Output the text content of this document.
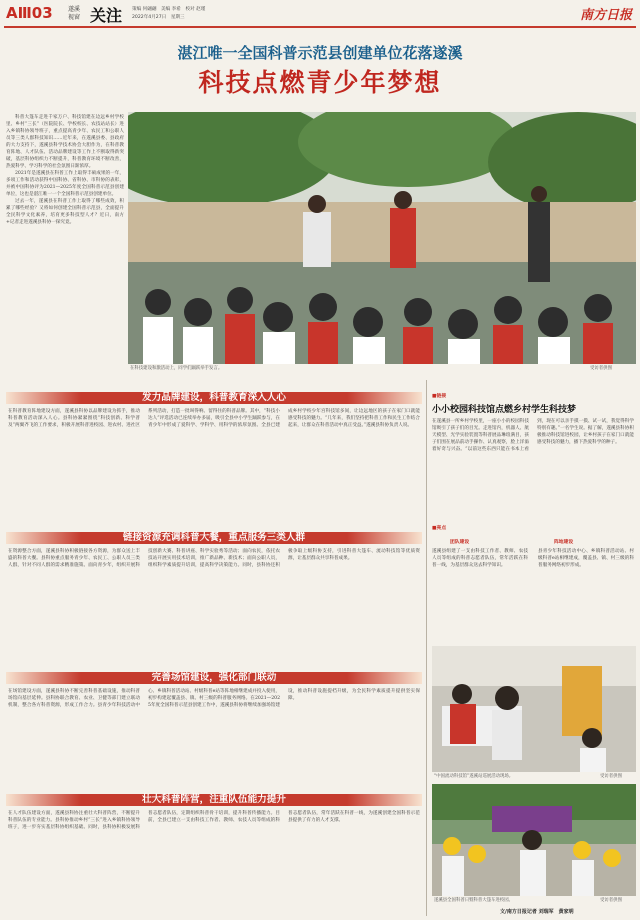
AⅢ03	遂溪
视窗 关注 策编 何翩翩　美编 李希　校对 赵瑾
2022年4月27日　星期三	南方日报
湛江唯一全国科普示范县创建单位花落遂溪
科技点燃青少年梦想

科普大篷车走进千家万户、科技馆建在边远乡村学校里、乡村“三长”（医院院长、学校校长、农技站站长）进入乡镇科协领导班子，重点提高青少年、农民工和公职人员等三类人群科技知识……近年来，在遂溪县委、县政府的大力支持下，遂溪县科学技术协会大胆作为，在科普教育阵地、人才队伍、活动品牌建设等工作上不断取得新突破，基层科协组织力不断提升，科普教育环境不断改善，热爱科学、学习科学的社会氛围日渐浓厚。

2021年是遂溪县在科普工作上取得丰硕成果的一年，多项工作和活动获得中国科协、省科协、市科协的表彰，并被中国科协评为2021—2025年度全国科普示范县创建单位，这也是湛江唯一一个全国科普示范县创建单位。

过去一年，遂溪县在科普工作上取得了哪些成效，积累了哪些经验？又将如何创建全国科普示范县，全面提升全民科学文化素养，培育更多科技型人才？近日，南方+记者走进遂溪县科协一探究竟。

在科技建设和激活动上，同学们踊跃举手发言。	受访者供图
发力品牌建设，科普教育深入人心
在科普教育阵地建设方面，遂溪县科协以品牌建设为抓手，推动科普教育活动深入人心。县科协紧紧围绕“科技创新、科学普及”两翼齐飞的工作要求，积极开展科普进校园、进农村、进社区系列活动，打造一批叫得响、留得住的科普品牌。其中，“科技小达人”评选活动已连续举办多届，吸引全县中小学生踊跃参与，在青少年中形成了爱科学、学科学、用科学的浓厚氛围。全县已建成乡村学校少年宫科技馆多间，让边远地区的孩子在家门口就能感受科技的魅力。“几年来，我们坚持把科普工作和民生工作结合起来，让群众在科普活动中真正受益。”遂溪县科协负责人说。
链接资源充调科普大餐，重点服务三类人群
在资源整合方面，遂溪县科协积极链接各方资源，为群众送上丰盛的科普大餐。县科协重点服务青少年、农民工、公职人员三类人群，针对不同人群的需求精准施策。面向青少年，组织开展科技创新大赛、科普讲座、科学实验秀等活动；面向农民，依托农技站开展实用技术培训，推广新品种、新技术；面向公职人员，组织科学素质提升培训，提高科学决策能力。同时，县科协还积极争取上级科协支持，引进科普大篷车、流动科技馆等优质资源，让基层群众共享科普成果。
完善场馆建设，强化部门联动
在场馆建设方面，遂溪县科协不断完善科普基础设施，推动科普场馆向基层延伸。县科协联合教育、农业、卫健等部门建立联动机制，整合各方科普资源，形成工作合力。县青少年科技活动中心、乡镇科普活动站、村级科普e站等阵地相继建成并投入使用，初步构建起覆盖县、镇、村三级的科普服务网络。在2021—2025年度全国科普示范县创建工作中，遂溪县科协将继续加强场馆建设，推动科普设施提档升级，为全民科学素质提升提供坚实保障。
壮大科普阵营，注重队伍能力提升
在人才队伍建设方面，遂溪县科协注重壮大科普阵营，不断提升科普队伍的专业能力。县科协推动乡村“三长”进入乡镇科协领导班子，进一步夯实基层科协组织基础。同时，县科协积极发展科普志愿者队伍，定期组织科普骨干培训，提升科普传播能力。目前，全县已建立一支由科技工作者、教师、农技人员等组成的科普志愿者队伍，常年活跃在科普一线，为遂溪创建全国科普示范县提供了有力的人才支撑。
■链接
小小校园科技馆点燃乡村学生科技梦
在遂溪县一所乡村学校里，一座小小的校园科技馆吸引了孩子们的目光。走进馆内，机器人、航天模型、光学实验装置等科普展品琳琅满目，孩子们围在展品前动手操作、认真观察，脸上洋溢着好奇与兴奋。“以前这些东西只能在书本上看到，现在可以亲手摸一摸、试一试，我觉得科学特别有趣。”一名学生说。据了解，遂溪县科协积极推动科技馆进校园，让乡村孩子在家门口就能感受科技的魅力，播下热爱科学的种子。
■亮点
团队建设
遂溪县组建了一支由科技工作者、教师、农技人员等组成的科普志愿者队伍，常年活跃在科普一线，为基层群众送去科学知识。
阵地建设
县青少年科技活动中心、乡镇科普活动站、村级科普e站相继建成，覆盖县、镇、村三级的科普服务网络初步形成。
“中国流动科技馆”遂溪站巡展活动现场。	受访者供图
遂溪县全国科普日暨科普大篷车进校园。	受访者供图
文/南方日报记者 刘瑞军　黄家明
